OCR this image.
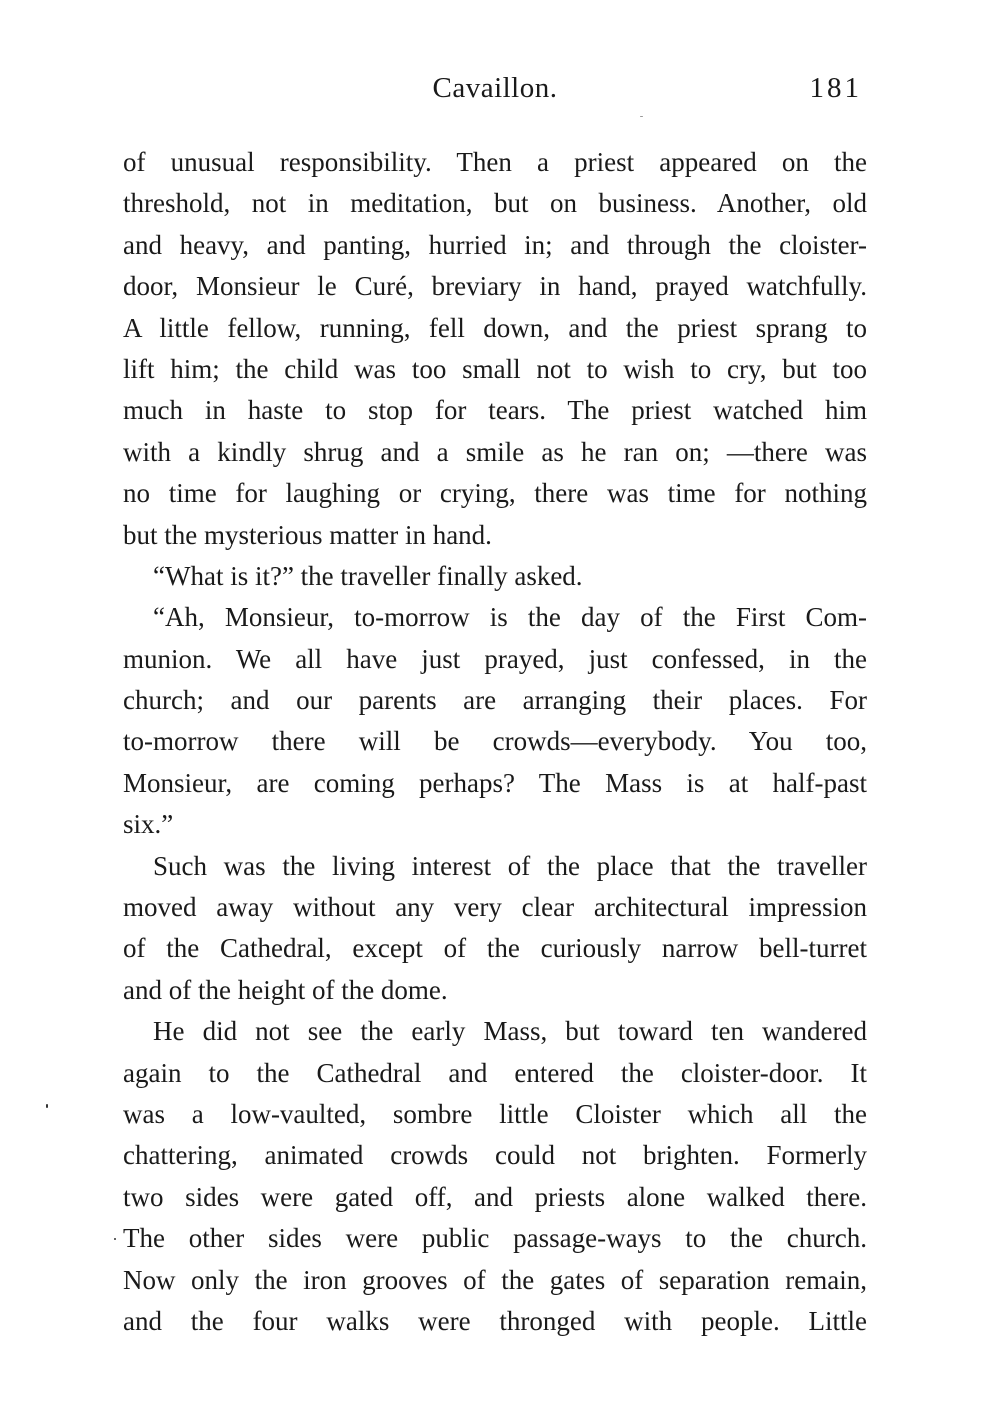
Cavaillon.	181
of unusual responsibility. Then a priest appeared on the
threshold, not in meditation, but on business. Another, old
and heavy, and panting, hurried in; and through the cloister-
door, Monsieur le Curé, breviary in hand, prayed watchfully.
A little fellow, running, fell down, and the priest sprang to
lift him; the child was too small not to wish to cry, but too
much in haste to stop for tears. The priest watched him
with a kindly shrug and a smile as he ran on; —there was
no time for laughing or crying, there was time for nothing
but the mysterious matter in hand.
“What is it?” the traveller finally asked.
“Ah, Monsieur, to-morrow is the day of the First Com-
munion. We all have just prayed, just confessed, in the
church; and our parents are arranging their places. For
to-morrow there will be crowds—everybody. You too,
Monsieur, are coming perhaps? The Mass is at half-past
six.”
Such was the living interest of the place that the traveller
moved away without any very clear architectural impression
of the Cathedral, except of the curiously narrow bell-turret
and of the height of the dome.
He did not see the early Mass, but toward ten wandered
again to the Cathedral and entered the cloister-door. It
was a low-vaulted, sombre little Cloister which all the
chattering, animated crowds could not brighten. Formerly
two sides were gated off, and priests alone walked there.
The other sides were public passage-ways to the church.
Now only the iron grooves of the gates of separation remain,
and the four walks were thronged with people. Little
